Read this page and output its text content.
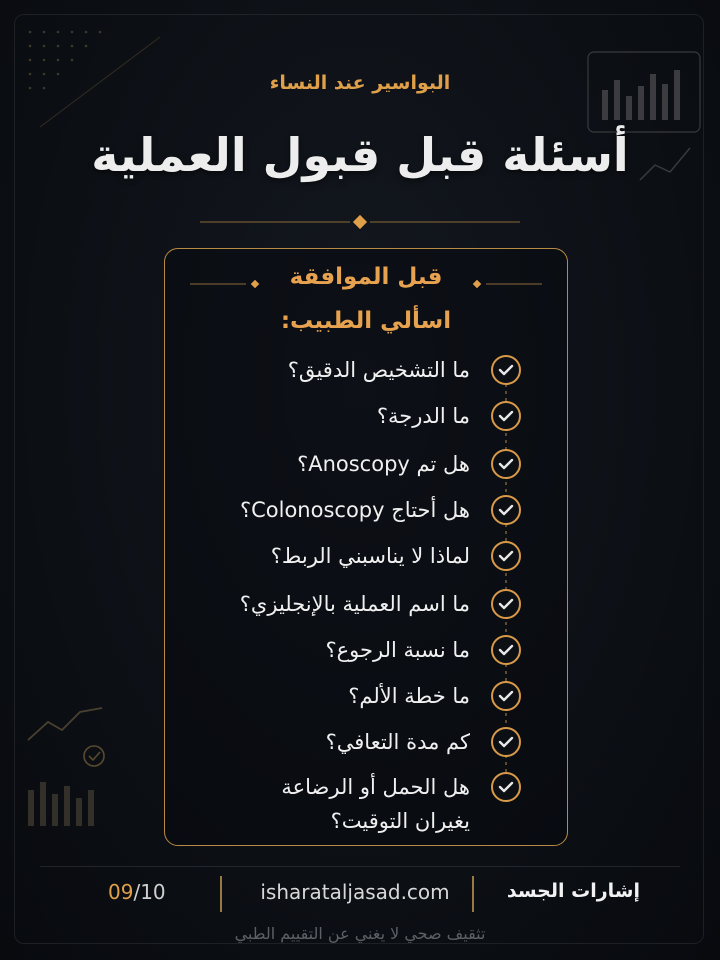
البواسير عند النساء
أسئلة قبل قبول العملية
قبل الموافقة
اسألي الطبيب:
ما التشخيص الدقيق؟
ما الدرجة؟
هل تم Anoscopy؟
هل أحتاج Colonoscopy؟
لماذا لا يناسبني الربط؟
ما اسم العملية بالإنجليزي؟
ما نسبة الرجوع؟
ما خطة الألم؟
كم مدة التعافي؟
هل الحمل أو الرضاعة يغيران التوقيت؟
إشارات الجسد
isharataljasad.com
09/10
تثقيف صحي لا يغني عن التقييم الطبي
